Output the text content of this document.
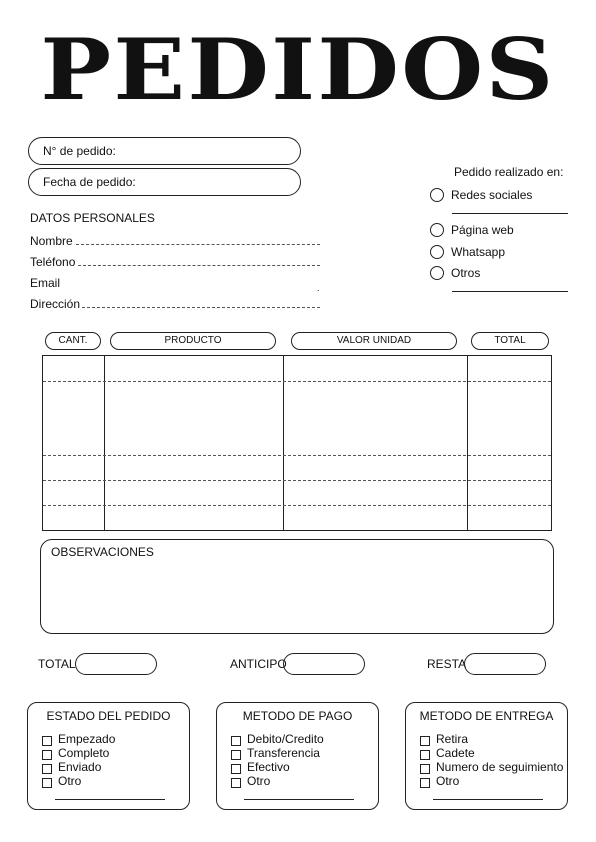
PEDIDOS
N° de pedido:
Fecha de pedido:
DATOS PERSONALES
Nombre
Teléfono
Email	.
Dirección
Pedido realizado en:
Redes sociales
Página web
Whatsapp
Otros
CANT.	PRODUCTO	VALOR UNIDAD	TOTAL
OBSERVACIONES
TOTAL	ANTICIPO	RESTA
ESTADO DEL PEDIDO
Empezado
Completo
Enviado
Otro
METODO DE PAGO
Debito/Credito
Transferencia
Efectivo
Otro
METODO DE ENTREGA
Retira
Cadete
Numero de seguimiento
Otro
